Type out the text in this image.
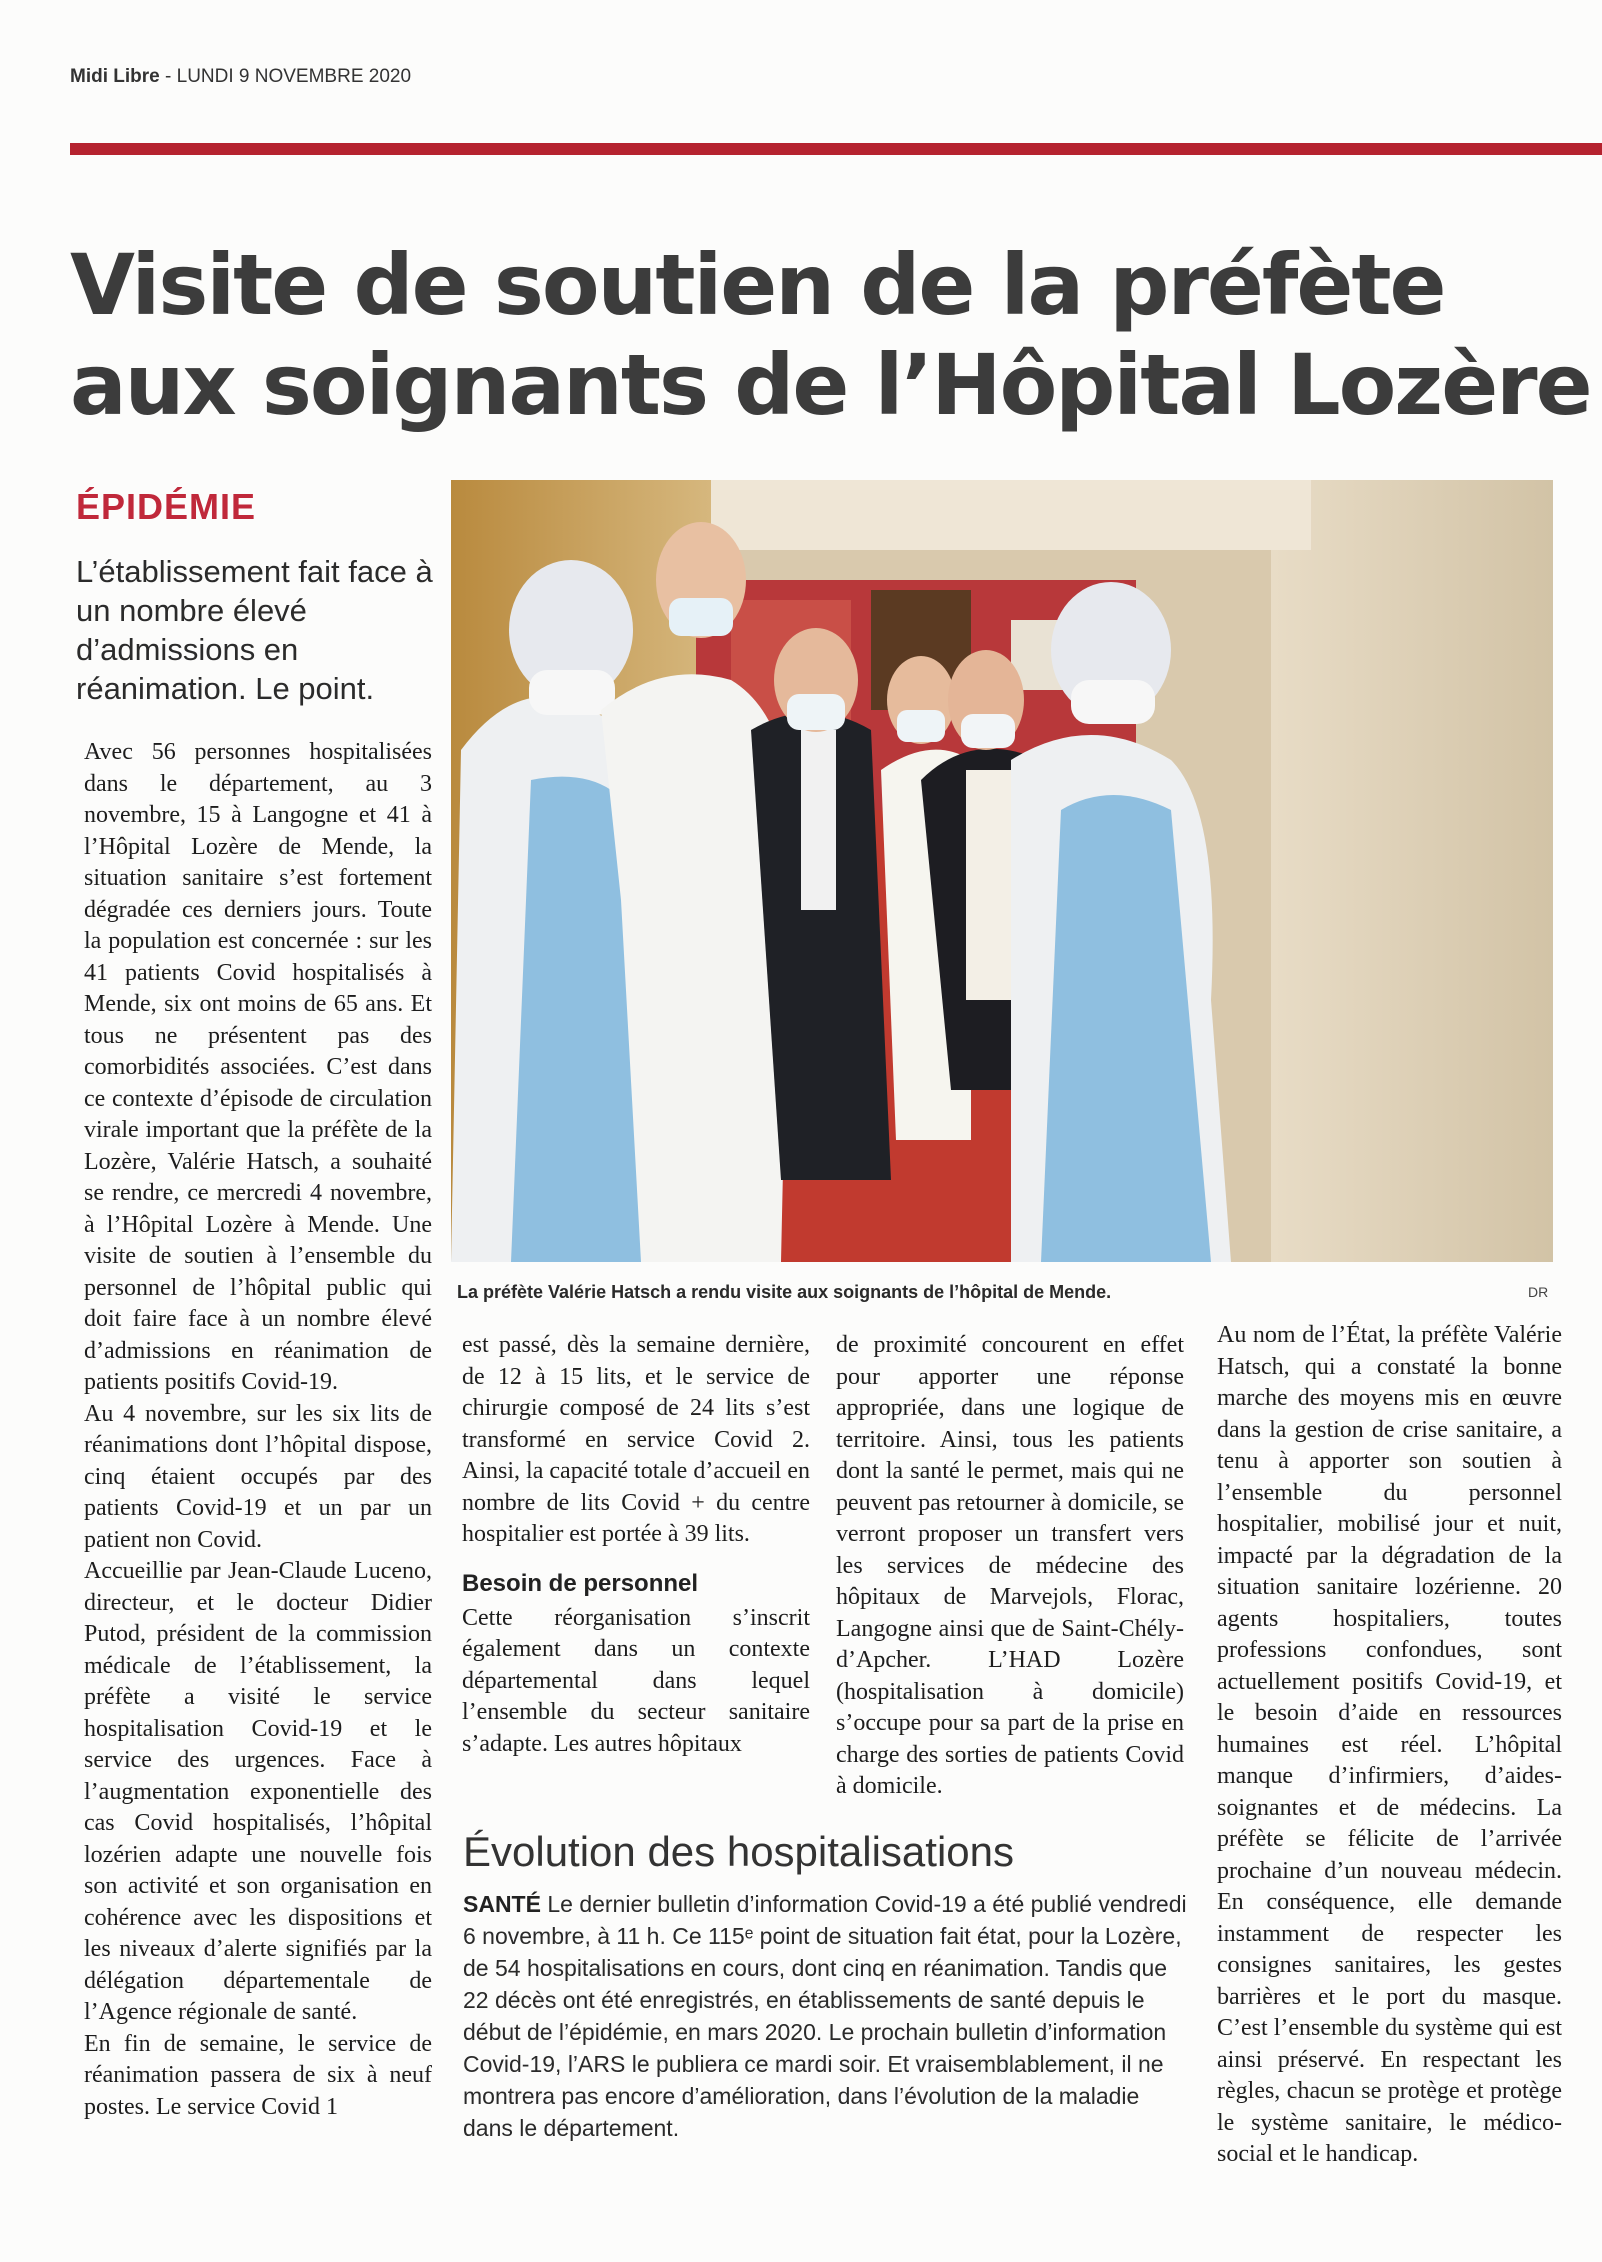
Midi Libre - LUNDI 9 NOVEMBRE 2020
Visite de soutien de la préfète
aux soignants de l’Hôpital Lozère
ÉPIDÉMIE
L’établissement fait face à un nombre élevé d’admissions en réanimation. Le point.
La préfète Valérie Hatsch a rendu visite aux soignants de l’hôpital de Mende.	DR

Avec 56 personnes hospitalisées dans le département, au 3 novembre, 15 à Langogne et 41 à l’Hôpital Lozère de Mende, la situation sanitaire s’est fortement dégradée ces derniers jours. Toute la population est concernée : sur les 41 patients Covid hospitalisés à Mende, six ont moins de 65 ans. Et tous ne présentent pas des comorbidités associées. C’est dans ce contexte d’épisode de circulation virale important que la préfète de la Lozère, Valérie Hatsch, a souhaité se rendre, ce mercredi 4 novembre, à l’Hôpital Lozère à Mende. Une visite de soutien à l’ensemble du personnel de l’hôpital public qui doit faire face à un nombre élevé d’admissions en réanimation de patients positifs Covid-19.

Au 4 novembre, sur les six lits de réanimations dont l’hôpital dispose, cinq étaient occupés par des patients Covid-19 et un par un patient non Covid.

Accueillie par Jean-Claude Luceno, directeur, et le docteur Didier Putod, président de la commission médicale de l’établissement, la préfète a visité le service hospitalisation Covid-19 et le service des urgences. Face à l’augmentation exponentielle des cas Covid hospitalisés, l’hôpital lozérien adapte une nouvelle fois son activité et son organisation en cohérence avec les dispositions et les niveaux d’alerte signifiés par la délégation départementale de l’Agence régionale de santé.

En fin de semaine, le service de réanimation passera de six à neuf postes. Le service Covid 1

est passé, dès la semaine dernière, de 12 à 15 lits, et le service de chirurgie composé de 24 lits s’est transformé en service Covid 2. Ainsi, la capacité totale d’accueil en nombre de lits Covid + du centre hospitalier est portée à 39 lits.

Besoin de personnel

Cette réorganisation s’inscrit également dans un contexte départemental dans lequel l’ensemble du secteur sanitaire s’adapte. Les autres hôpitaux

de proximité concourent en effet pour apporter une réponse appropriée, dans une logique de territoire. Ainsi, tous les patients dont la santé le permet, mais qui ne peuvent pas retourner à domicile, se verront proposer un transfert vers les services de médecine des hôpitaux de Marvejols, Florac, Langogne ainsi que de Saint-Chély-d’Apcher. L’HAD Lozère (hospitalisation à domicile) s’occupe pour sa part de la prise en charge des sorties de patients Covid à domicile.

Au nom de l’État, la préfète Valérie Hatsch, qui a constaté la bonne marche des moyens mis en œuvre dans la gestion de crise sanitaire, a tenu à apporter son soutien à l’ensemble du personnel hospitalier, mobilisé jour et nuit, impacté par la dégradation de la situation sanitaire lozérienne. 20 agents hospitaliers, toutes professions confondues, sont actuellement positifs Covid-19, et le besoin d’aide en ressources humaines est réel. L’hôpital manque d’infirmiers, d’aides-soignantes et de médecins. La préfète se félicite de l’arrivée prochaine d’un nouveau médecin. En conséquence, elle demande instamment de respecter les consignes sanitaires, les gestes barrières et le port du masque. C’est l’ensemble du système qui est ainsi préservé. En respectant les règles, chacun se protège et protège le système sanitaire, le médico-social et le handicap.

Évolution des hospitalisations
SANTÉ Le dernier bulletin d’information Covid-19 a été publié vendredi 6 novembre, à 11 h. Ce 115ᵉ point de situation fait état, pour la Lozère, de 54 hospitalisations en cours, dont cinq en réanimation. Tandis que 22 décès ont été enregistrés, en établissements de santé depuis le début de l’épidémie, en mars 2020. Le prochain bulletin d’information Covid-19, l’ARS le publiera ce mardi soir. Et vraisemblablement, il ne montrera pas encore d’amélioration, dans l’évolution de la maladie dans le département.
